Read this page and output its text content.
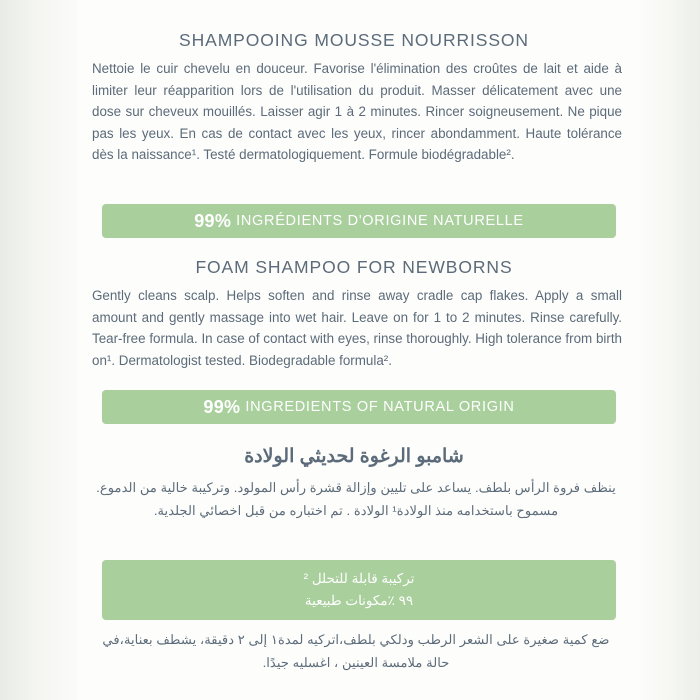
SHAMPOOING MOUSSE NOURRISSON
Nettoie le cuir chevelu en douceur. Favorise l'élimination des croûtes de lait et aide à limiter leur réapparition lors de l'utilisation du produit. Masser délicatement avec une dose sur cheveux mouillés. Laisser agir 1 à 2 minutes. Rincer soigneusement. Ne pique pas les yeux. En cas de contact avec les yeux, rincer abondamment. Haute tolérance dès la naissance¹. Testé dermatologiquement. Formule biodégradable².
99% INGRÉDIENTS D'ORIGINE NATURELLE
FOAM SHAMPOO FOR NEWBORNS
Gently cleans scalp. Helps soften and rinse away cradle cap flakes. Apply a small amount and gently massage into wet hair. Leave on for 1 to 2 minutes. Rinse carefully. Tear-free formula. In case of contact with eyes, rinse thoroughly. High tolerance from birth on¹. Dermatologist tested. Biodegradable formula².
99% INGREDIENTS OF NATURAL ORIGIN
شامبو الرغوة لحديثي الولادة
ينظف فروة الرأس بلطف. يساعد على تليين وإزالة قشرة رأس المولود. وتركيبة خالية من الدموع. مسموح باستخدامه منذ الولادة¹ الولادة . تم اختباره من قبل اخصائي الجلدية.
تركيبة قابلة للتحلل ²
٩٩ ٪مكونات طبيعية
ضع كمية صغيرة على الشعر الرطب ودلكي بلطف،اتركيه لمدة١ إلى ٢ دقيقة، يشطف بعناية،في حالة ملامسة العينين ، اغسليه جيدًا.
